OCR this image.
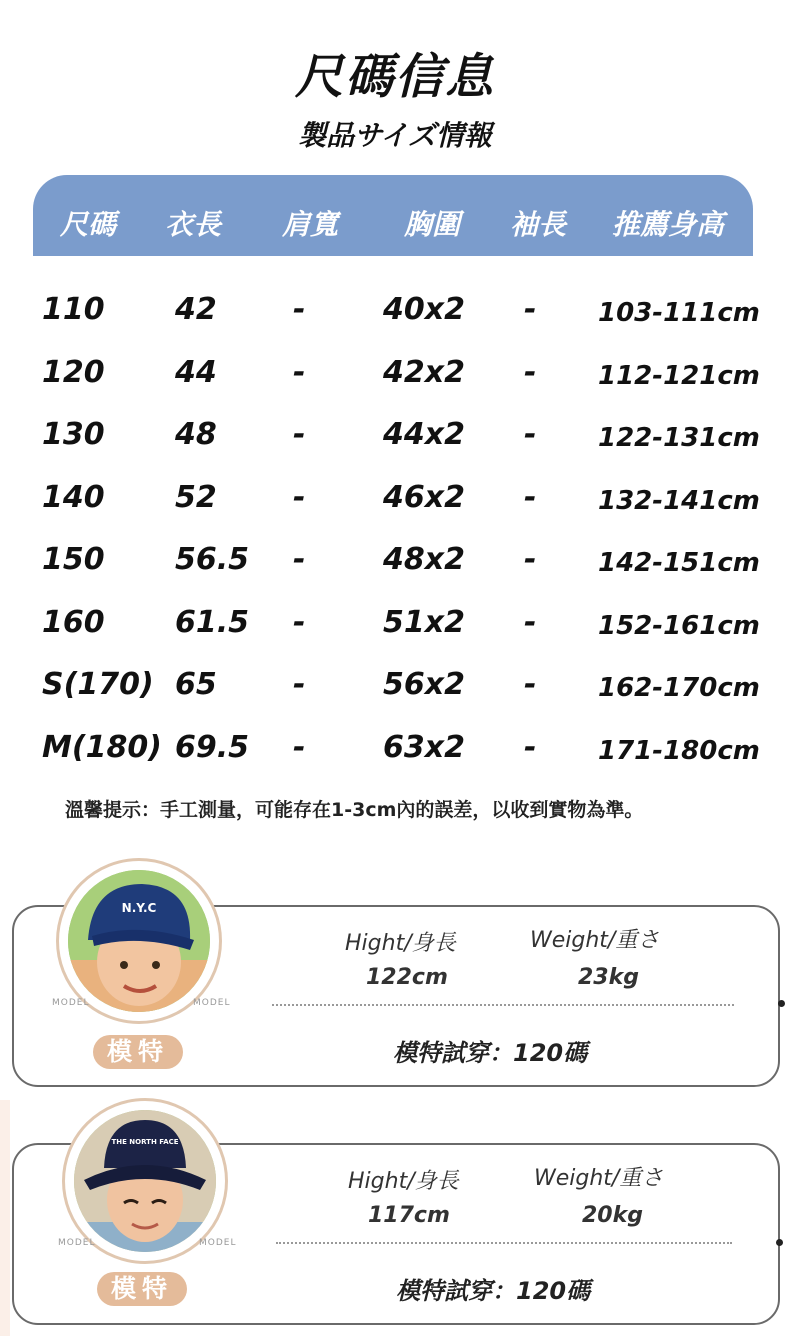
尺碼信息
製品サイズ情報
尺碼 衣長 肩寬 胸圍 袖長 推薦身高
110 42	-	40x2 - 103-111cm
120 44	-	42x2 - 112-121cm
130 48	-	44x2 - 122-131cm
140 52	-	46x2 - 132-141cm
150 56.5 -	48x2 - 142-151cm
160 61.5 -	51x2 - 152-161cm
S(170) 65	-	56x2 - 162-170cm
M(180) 69.5 -	63x2 - 171-180cm
溫馨提示：手工測量，可能存在1-3cm內的誤差，以收到實物為準。
N.Y.C
MODEL	MODEL
模特
Hight/身長	Weight/重さ
122cm	23kg
模特試穿：120碼
THE NORTH FACE
MODEL	MODEL
模特
Hight/身長	Weight/重さ
117cm	20kg
模特試穿：120碼
